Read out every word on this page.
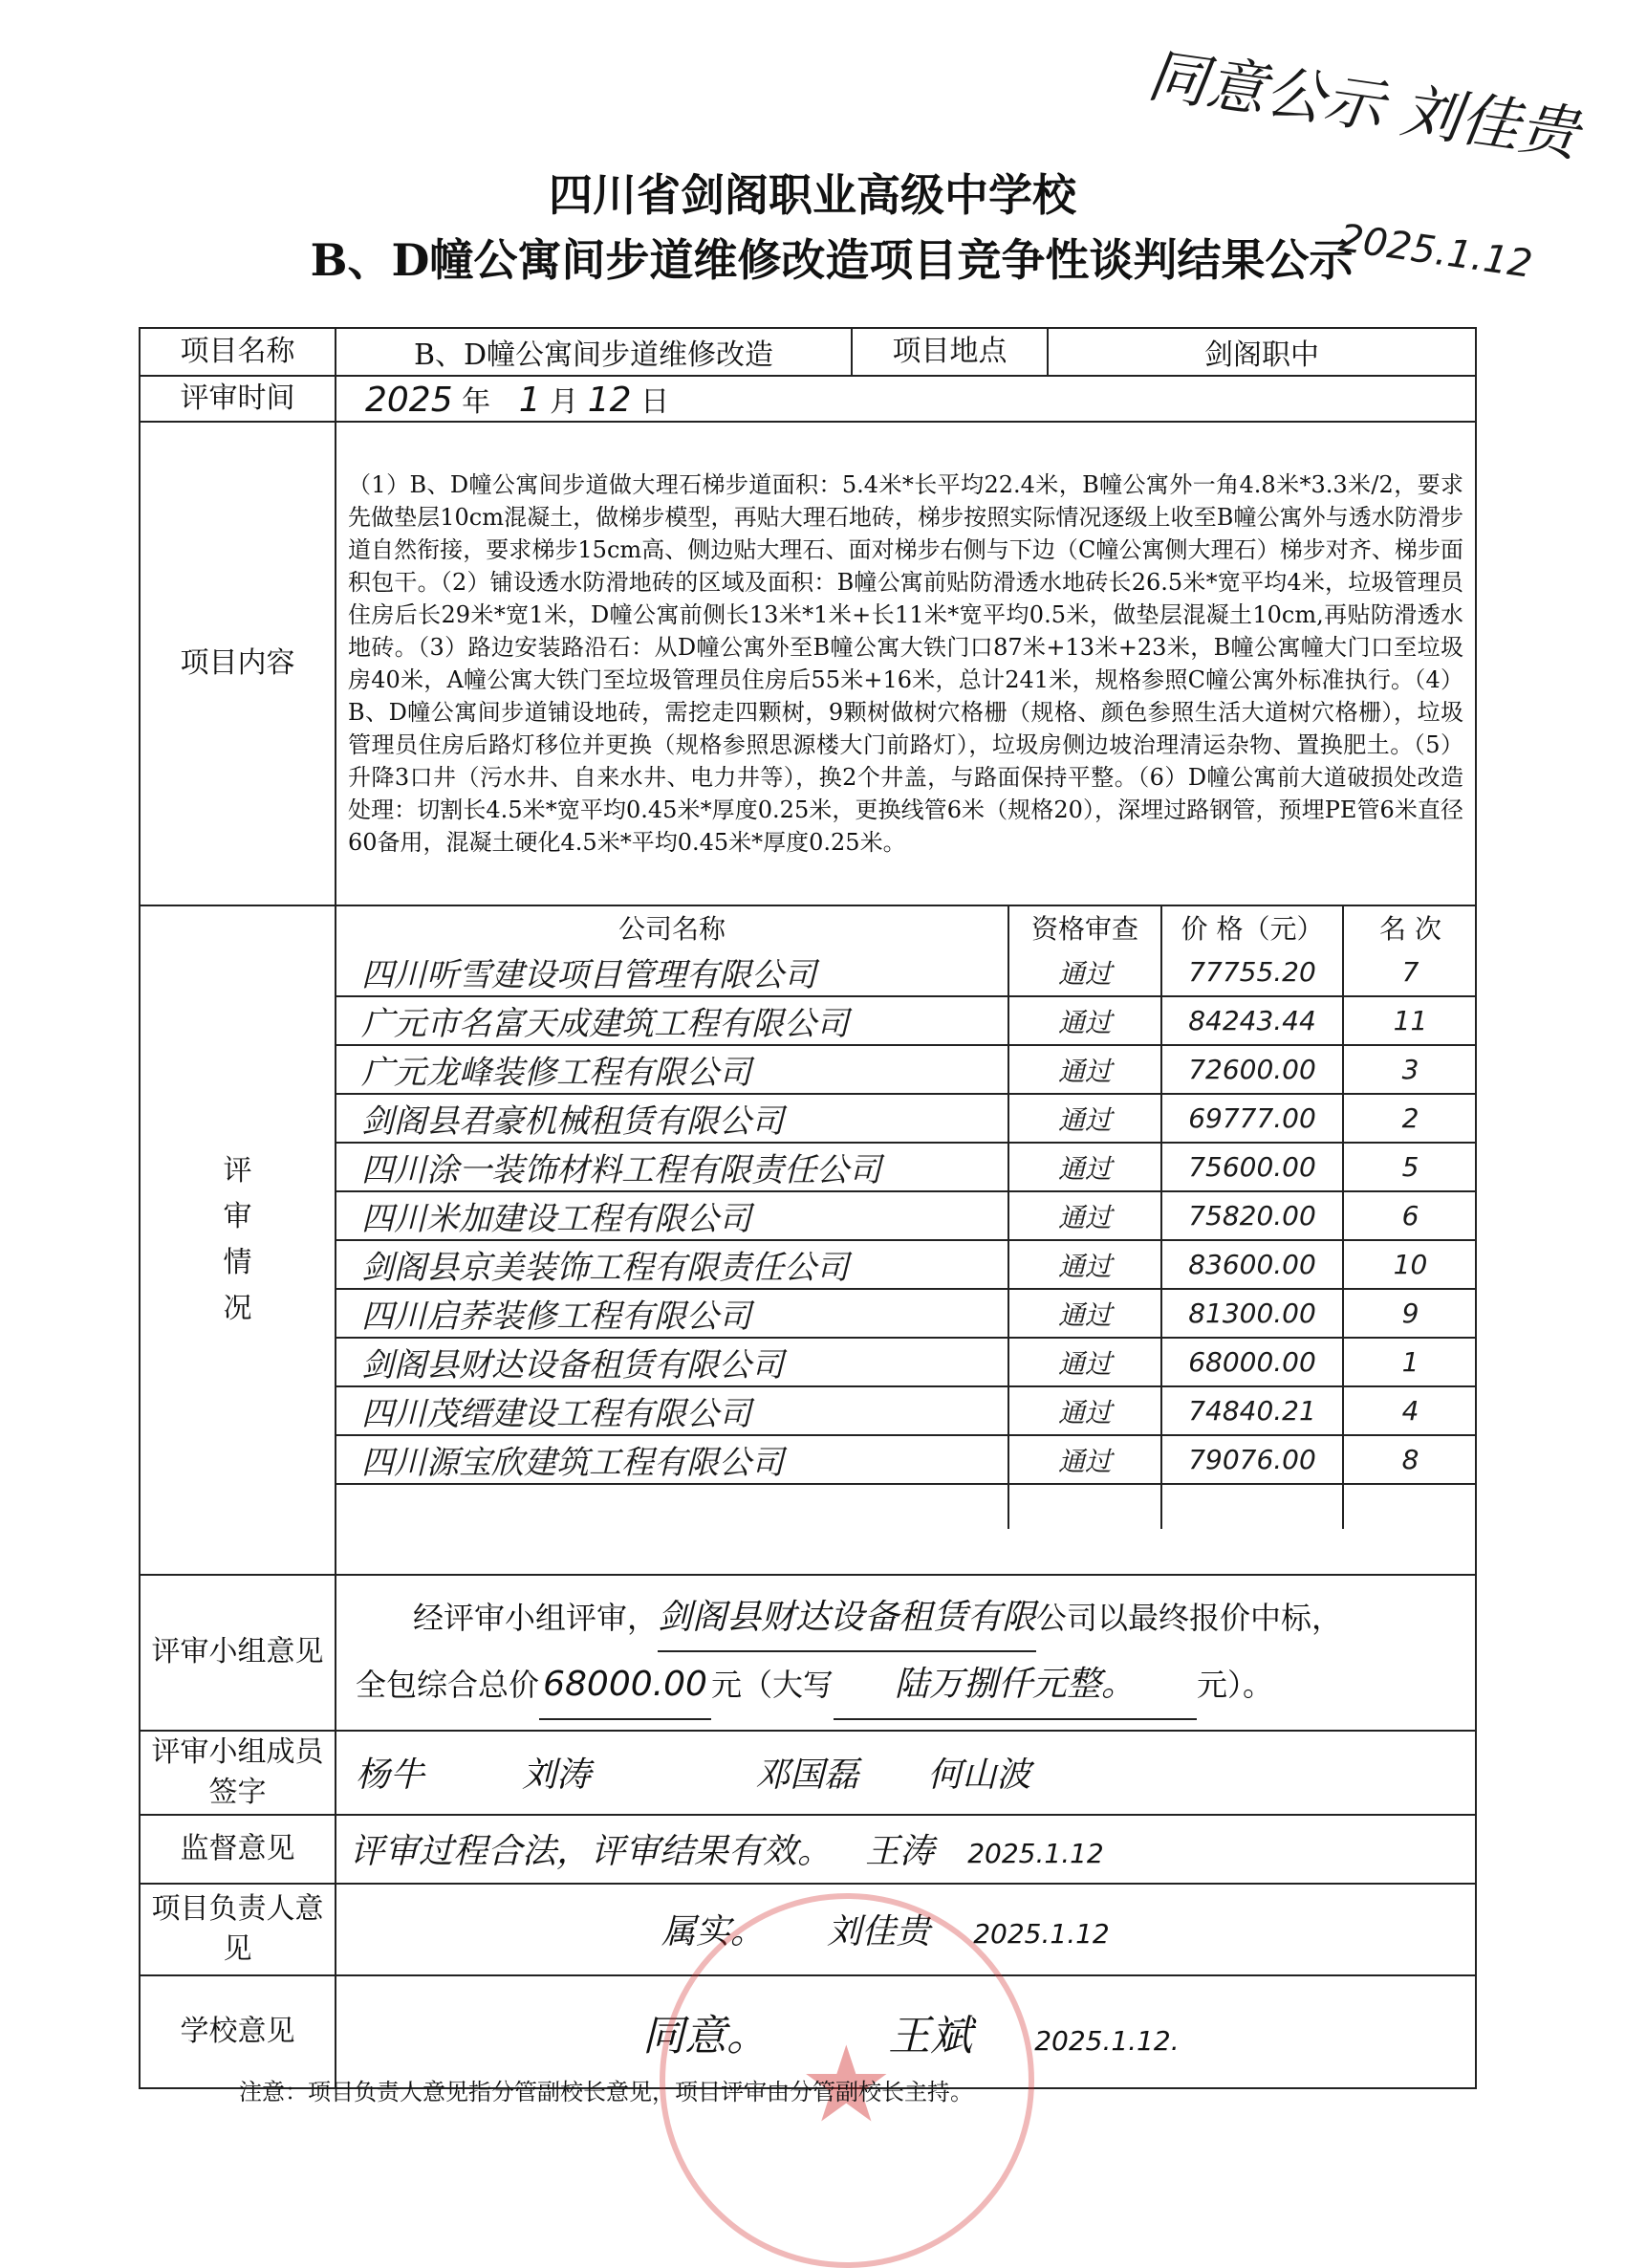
四川省剑阁职业高级中学校
B、D幢公寓间步道维修改造项目竞争性谈判结果公示
同意公示 刘佳贵
2025.1.12
项目名称	B、D幢公寓间步道维修改造	项目地点	剑阁职中
评审时间	2025 年 1 月 12 日
项目内容	（1）B、D幢公寓间步道做大理石梯步道面积：5.4米*长平均22.4米，B幢公寓外一角4.8米*3.3米/2，要求先做垫层10cm混凝土，做梯步模型，再贴大理石地砖，梯步按照实际情况逐级上收至B幢公寓外与透水防滑步道自然衔接，要求梯步15cm高、侧边贴大理石、面对梯步右侧与下边（C幢公寓侧大理石）梯步对齐、梯步面积包干。（2）铺设透水防滑地砖的区域及面积：B幢公寓前贴防滑透水地砖长26.5米*宽平均4米，垃圾管理员住房后长29米*宽1米，D幢公寓前侧长13米*1米+长11米*宽平均0.5米，做垫层混凝土10cm,再贴防滑透水地砖。（3）路边安装路沿石：从D幢公寓外至B幢公寓大铁门口87米+13米+23米，B幢公寓幢大门口至垃圾房40米，A幢公寓大铁门至垃圾管理员住房后55米+16米，总计241米，规格参照C幢公寓外标准执行。（4）B、D幢公寓间步道铺设地砖，需挖走四颗树，9颗树做树穴格栅（规格、颜色参照生活大道树穴格栅），垃圾管理员住房后路灯移位并更换（规格参照思源楼大门前路灯），垃圾房侧边坡治理清运杂物、置换肥土。（5）升降3口井（污水井、自来水井、电力井等），换2个井盖，与路面保持平整。（6）D幢公寓前大道破损处改造处理：切割长4.5米*宽平均0.45米*厚度0.25米，更换线管6米（规格20），深埋过路钢管，预埋PE管6米直径60备用，混凝土硬化4.5米*平均0.45米*厚度0.25米。

评
审
情
况

公司名称	资格审查	价 格（元）	名 次
四川听雪建设项目管理有限公司	通过	77755.20	7
广元市名富天成建筑工程有限公司	通过	84243.44	11
广元龙峰装修工程有限公司	通过	72600.00	3
剑阁县君豪机械租赁有限公司	通过	69777.00	2
四川涂一装饰材料工程有限责任公司	通过	75600.00	5
四川米加建设工程有限公司	通过	75820.00	6
剑阁县京美装饰工程有限责任公司	通过	83600.00	10
四川启荞装修工程有限公司	通过	81300.00	9
剑阁县财达设备租赁有限公司	通过	68000.00	1
四川茂缙建设工程有限公司	通过	74840.21	4
四川源宝欣建筑工程有限公司	通过	79076.00	8

评审小组意见	
经评审小组评审，剑阁县财达设备租赁有限公司以最终报价中标，
全包综合总价 68000.00 元（大写 陆万捌仟元整。 元）。

评审小组成员签字	杨牛	刘涛	邓国磊 何山波
监督意见	评审过程合法，评审结果有效。 王涛 2025.1.12
项目负责人意见	属实。 刘佳贵 2025.1.12
学校意见	同意。	王斌 2025.1.12.
★
注意：项目负责人意见指分管副校长意见，项目评审由分管副校长主持。
